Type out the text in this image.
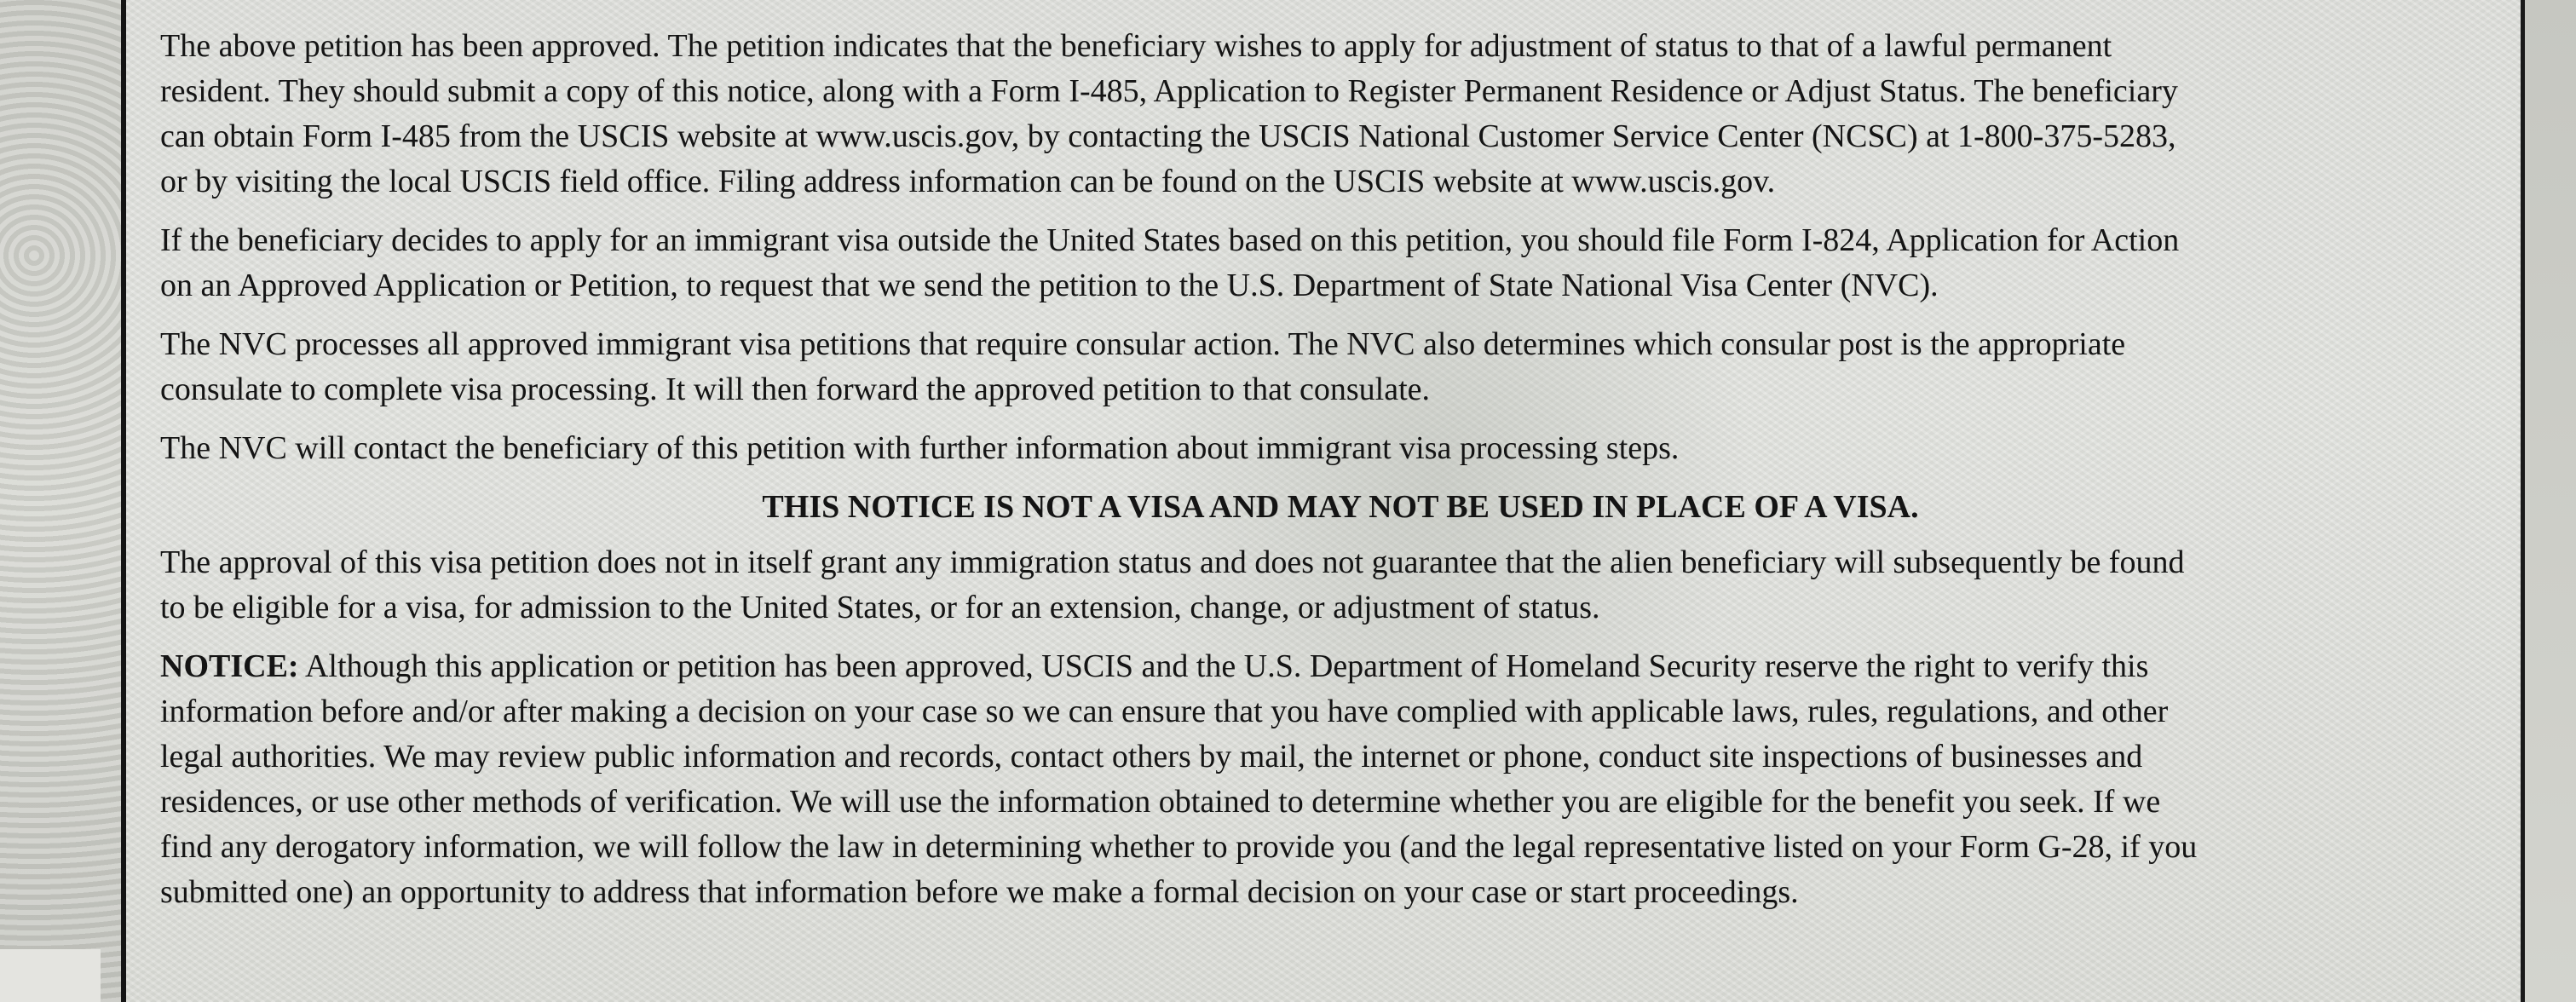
The above petition has been approved. The petition indicates that the beneficiary wishes to apply for adjustment of status to that of a lawful permanent
resident. They should submit a copy of this notice, along with a Form I-485, Application to Register Permanent Residence or Adjust Status. The beneficiary
can obtain Form I-485 from the USCIS website at www.uscis.gov, by contacting the USCIS National Customer Service Center (NCSC) at 1-800-375-5283,
or by visiting the local USCIS field office. Filing address information can be found on the USCIS website at www.uscis.gov.

If the beneficiary decides to apply for an immigrant visa outside the United States based on this petition, you should file Form I-824, Application for Action
on an Approved Application or Petition, to request that we send the petition to the U.S. Department of State National Visa Center (NVC).

The NVC processes all approved immigrant visa petitions that require consular action. The NVC also determines which consular post is the appropriate
consulate to complete visa processing. It will then forward the approved petition to that consulate.

The NVC will contact the beneficiary of this petition with further information about immigrant visa processing steps.

THIS NOTICE IS NOT A VISA AND MAY NOT BE USED IN PLACE OF A VISA.

The approval of this visa petition does not in itself grant any immigration status and does not guarantee that the alien beneficiary will subsequently be found
to be eligible for a visa, for admission to the United States, or for an extension, change, or adjustment of status.

NOTICE: Although this application or petition has been approved, USCIS and the U.S. Department of Homeland Security reserve the right to verify this
information before and/or after making a decision on your case so we can ensure that you have complied with applicable laws, rules, regulations, and other
legal authorities. We may review public information and records, contact others by mail, the internet or phone, conduct site inspections of businesses and
residences, or use other methods of verification. We will use the information obtained to determine whether you are eligible for the benefit you seek. If we
find any derogatory information, we will follow the law in determining whether to provide you (and the legal representative listed on your Form G-28, if you
submitted one) an opportunity to address that information before we make a formal decision on your case or start proceedings.
